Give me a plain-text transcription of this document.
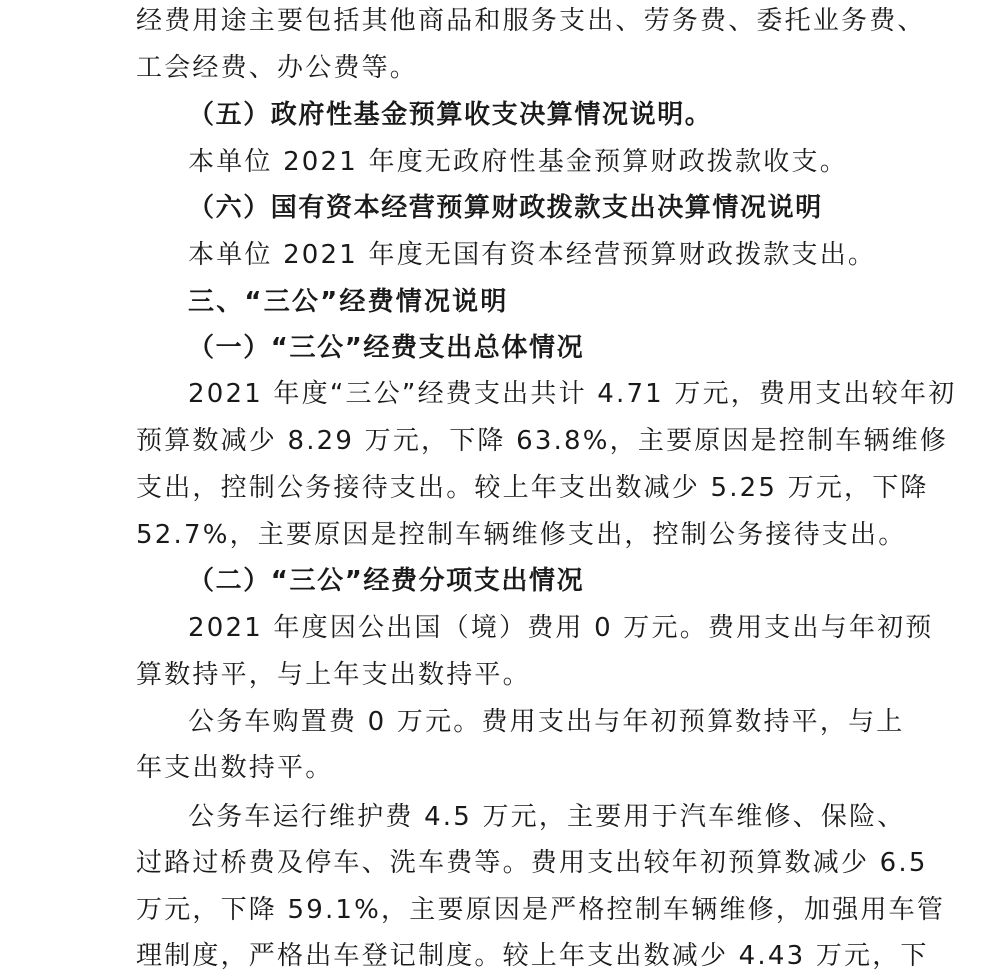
经费用途主要包括其他商品和服务支出、劳务费、委托业务费、
工会经费、办公费等。
（五）政府性基金预算收支决算情况说明。
本单位 2021 年度无政府性基金预算财政拨款收支。
（六）国有资本经营预算财政拨款支出决算情况说明
本单位 2021 年度无国有资本经营预算财政拨款支出。
三、“三公”经费情况说明
（一）“三公”经费支出总体情况
2021 年度“三公”经费支出共计 4.71 万元，费用支出较年初
预算数减少 8.29 万元，下降 63.8%，主要原因是控制车辆维修
支出，控制公务接待支出。较上年支出数减少 5.25 万元，下降
52.7%，主要原因是控制车辆维修支出，控制公务接待支出。
（二）“三公”经费分项支出情况
2021 年度因公出国（境）费用 0 万元。费用支出与年初预
算数持平，与上年支出数持平。
公务车购置费 0 万元。费用支出与年初预算数持平，与上
年支出数持平。
公务车运行维护费 4.5 万元，主要用于汽车维修、保险、
过路过桥费及停车、洗车费等。费用支出较年初预算数减少 6.5
万元，下降 59.1%，主要原因是严格控制车辆维修，加强用车管
理制度，严格出车登记制度。较上年支出数减少 4.43 万元，下
